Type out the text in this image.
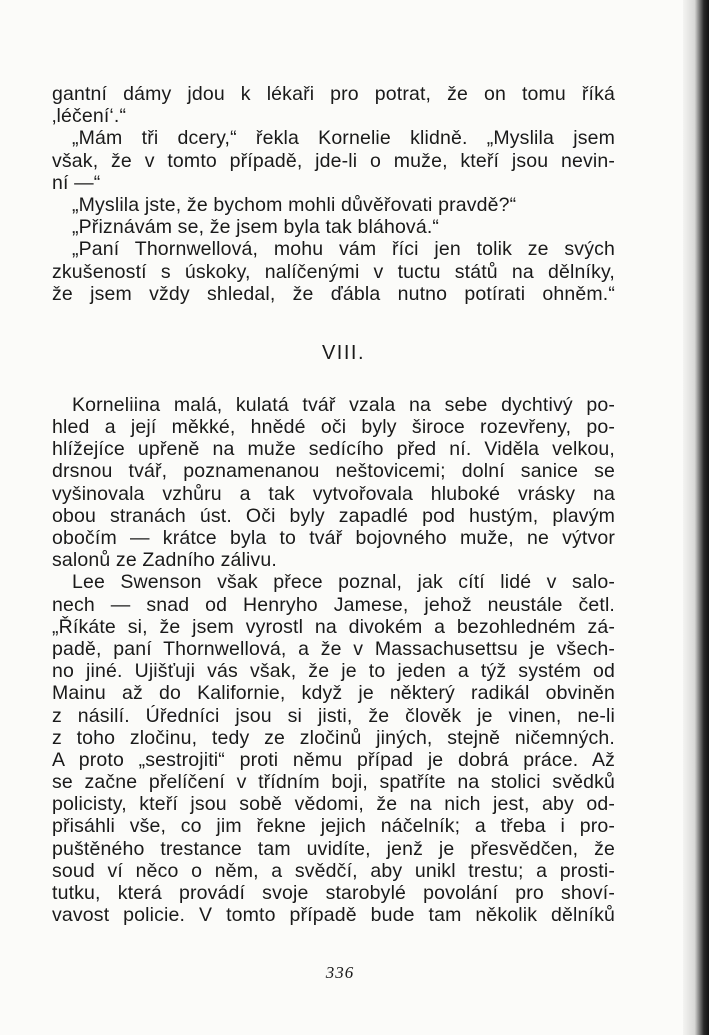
gantní dámy jdou k lékaři pro potrat, že on tomu říká
‚léčení‘.“
„Mám tři dcery,“ řekla Kornelie klidně. „Myslila jsem
však, že v tomto případě, jde-li o muže, kteří jsou nevin-
ní —“
„Myslila jste, že bychom mohli důvěřovati pravdě?“
„Přiznávám se, že jsem byla tak bláhová.“
„Paní Thornwellová, mohu vám říci jen tolik ze svých
zkušeností s úskoky, nalíčenými v tuctu států na dělníky,
že jsem vždy shledal, že ďábla nutno potírati ohněm.“
VIII.
Korneliina malá, kulatá tvář vzala na sebe dychtivý po-
hled a její měkké, hnědé oči byly široce rozevřeny, po-
hlížejíce upřeně na muže sedícího před ní. Viděla velkou,
drsnou tvář, poznamenanou neštovicemi; dolní sanice se
vyšinovala vzhůru a tak vytvořovala hluboké vrásky na
obou stranách úst. Oči byly zapadlé pod hustým, plavým
obočím — krátce byla to tvář bojovného muže, ne výtvor
salonů ze Zadního zálivu.
Lee Swenson však přece poznal, jak cítí lidé v salo-
nech — snad od Henryho Jamese, jehož neustále četl.
„Říkáte si, že jsem vyrostl na divokém a bezohledném zá-
padě, paní Thornwellová, a že v Massachusettsu je všech-
no jiné. Ujišťuji vás však, že je to jeden a týž systém od
Mainu až do Kalifornie, když je některý radikál obviněn
z násilí. Úředníci jsou si jisti, že člověk je vinen, ne-li
z toho zločinu, tedy ze zločinů jiných, stejně ničemných.
A proto „sestrojiti“ proti němu případ je dobrá práce. Až
se začne přelíčení v třídním boji, spatříte na stolici svědků
policisty, kteří jsou sobě vědomi, že na nich jest, aby od-
přisáhli vše, co jim řekne jejich náčelník; a třeba i pro-
puštěného trestance tam uvidíte, jenž je přesvědčen, že
soud ví něco o něm, a svědčí, aby unikl trestu; a prosti-
tutku, která provádí svoje starobylé povolání pro shoví-
vavost policie. V tomto případě bude tam několik dělníků
336
